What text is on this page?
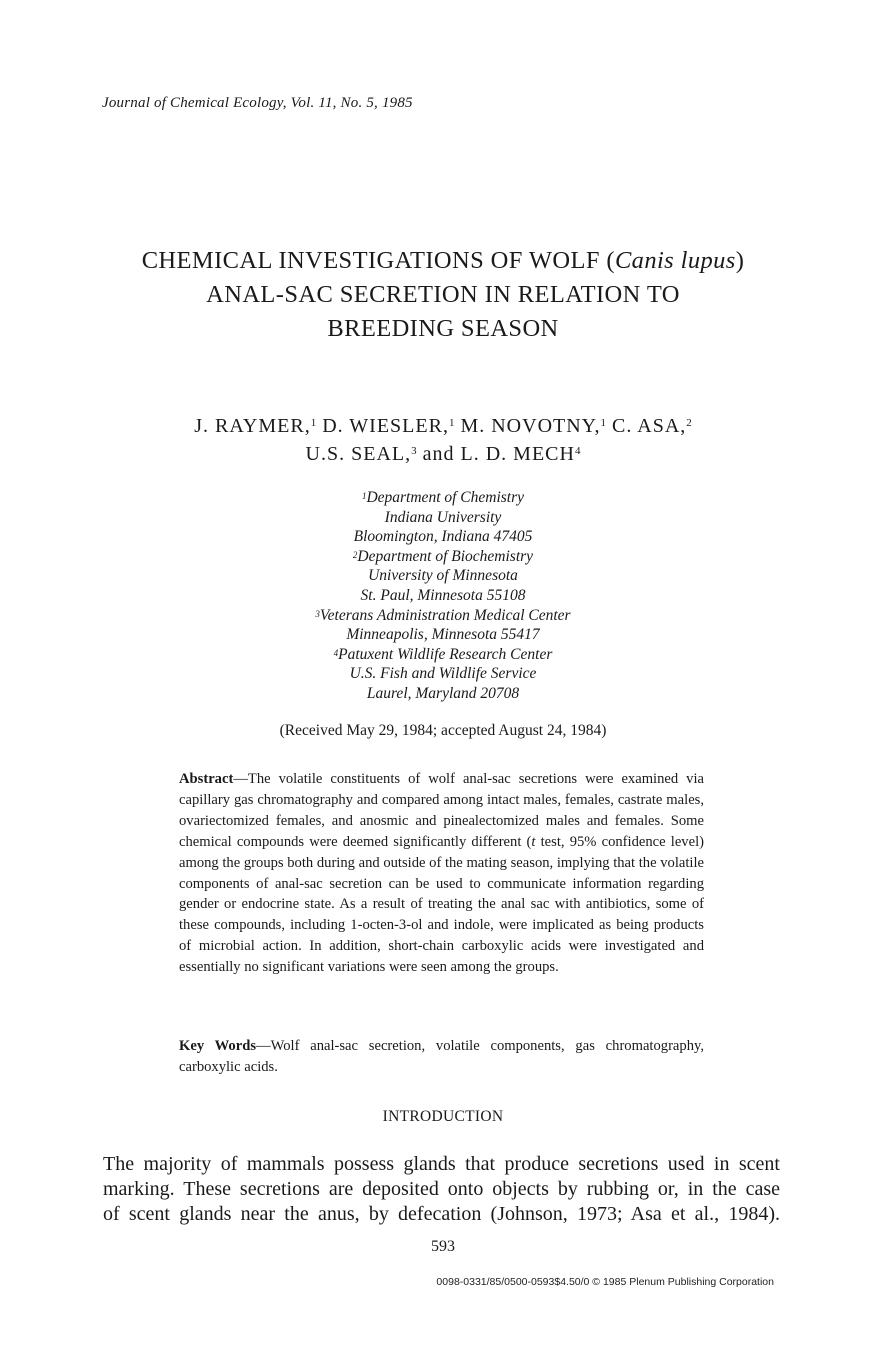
Journal of Chemical Ecology, Vol. 11, No. 5, 1985
CHEMICAL INVESTIGATIONS OF WOLF (Canis lupus)
ANAL-SAC SECRETION IN RELATION TO
BREEDING SEASON
J. RAYMER,$^1$ D. WIESLER,$^1$ M. NOVOTNY,$^1$ C. ASA,$^2$
U.S. SEAL,$^3$ and L. D. MECH$^4$
$^1$Department of Chemistry
Indiana University
Bloomington, Indiana 47405
$^2$Department of Biochemistry
University of Minnesota
St. Paul, Minnesota 55108
$^3$Veterans Administration Medical Center
Minneapolis, Minnesota 55417
$^4$Patuxent Wildlife Research Center
U.S. Fish and Wildlife Service
Laurel, Maryland 20708
(Received May 29, 1984; accepted August 24, 1984)
Abstract—The volatile constituents of wolf anal-sac secretions were examined via capillary gas chromatography and compared among intact males, females, castrate males, ovariectomized females, and anosmic and pinealectomized males and females. Some chemical compounds were deemed significantly different (t test, 95% confidence level) among the groups both during and outside of the mating season, implying that the volatile components of anal-sac secretion can be used to communicate information regarding gender or endocrine state. As a result of treating the anal sac with antibiotics, some of these compounds, including 1-octen-3-ol and indole, were implicated as being products of microbial action. In addition, short-chain carboxylic acids were investigated and essentially no significant variations were seen among the groups.
Key Words—Wolf anal-sac secretion, volatile components, gas chromatography, carboxylic acids.
INTRODUCTION
The majority of mammals possess glands that produce secretions used in scent
marking. These secretions are deposited onto objects by rubbing or, in the case
of scent glands near the anus, by defecation (Johnson, 1973; Asa et al., 1984).
593
0098-0331/85/0500-0593$4.50/0 © 1985 Plenum Publishing Corporation
